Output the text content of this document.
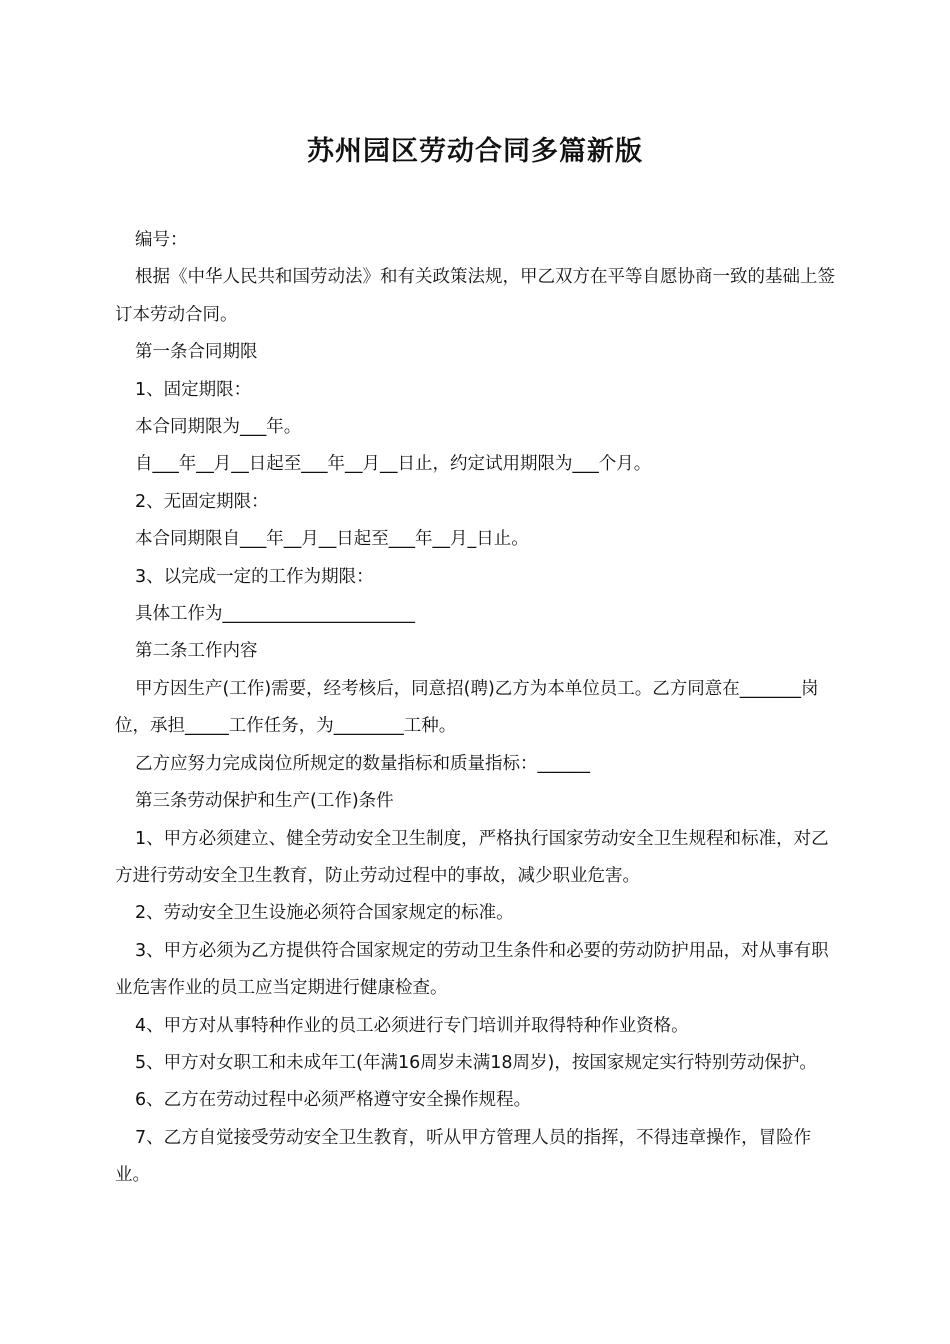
苏州园区劳动合同多篇新版

编号：

根据《中华人民共和国劳动法》和有关政策法规，甲乙双方在平等自愿协商一致的基础上签订本劳动合同。

第一条合同期限

1、固定期限：

本合同期限为___年。

自___年__月__日起至___年__月__日止，约定试用期限为___个月。

2、无固定期限：

本合同期限自___年__月__日起至___年__月_日止。

3、以完成一定的工作为期限：

具体工作为______________________

第二条工作内容

甲方因生产(工作)需要，经考核后，同意招(聘)乙方为本单位员工。乙方同意在_______岗位，承担_____工作任务，为________工种。

乙方应努力完成岗位所规定的数量指标和质量指标：______

第三条劳动保护和生产(工作)条件

1、甲方必须建立、健全劳动安全卫生制度，严格执行国家劳动安全卫生规程和标准，对乙方进行劳动安全卫生教育，防止劳动过程中的事故，减少职业危害。

2、劳动安全卫生设施必须符合国家规定的标准。

3、甲方必须为乙方提供符合国家规定的劳动卫生条件和必要的劳动防护用品，对从事有职业危害作业的员工应当定期进行健康检查。

4、甲方对从事特种作业的员工必须进行专门培训并取得特种作业资格。

5、甲方对女职工和未成年工(年满16周岁未满18周岁)，按国家规定实行特别劳动保护。

6、乙方在劳动过程中必须严格遵守安全操作规程。

7、乙方自觉接受劳动安全卫生教育，听从甲方管理人员的指挥，不得违章操作，冒险作业。
